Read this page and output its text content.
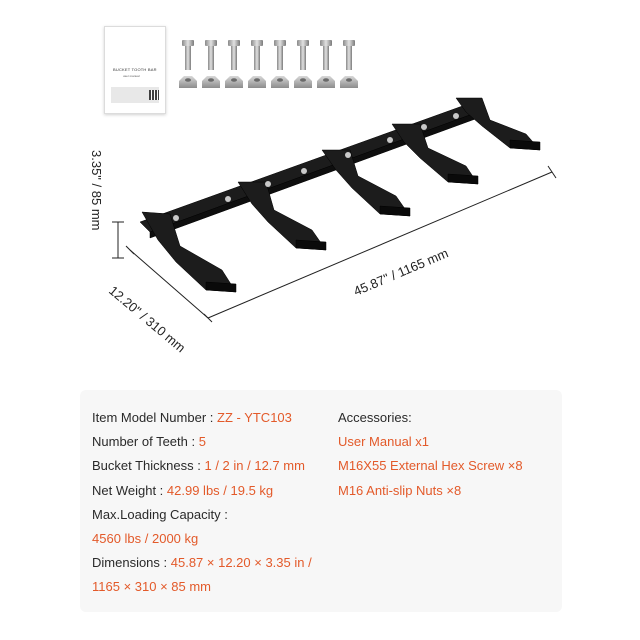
BUCKET TOOTH BAR
user manual
3.35" / 85 mm
12.20" / 310 mm
45.87" / 1165 mm
Item Model Number : ZZ - YTC103
Number of Teeth : 5
Bucket Thickness : 1 / 2 in / 12.7 mm
Net Weight : 42.99 lbs / 19.5 kg
Max.Loading Capacity :
4560 lbs / 2000 kg
Dimensions : 45.87 × 12.20 × 3.35 in /
1165 × 310 × 85 mm
Accessories:
User Manual x1
M16X55 External Hex Screw ×8
M16 Anti-slip Nuts ×8
